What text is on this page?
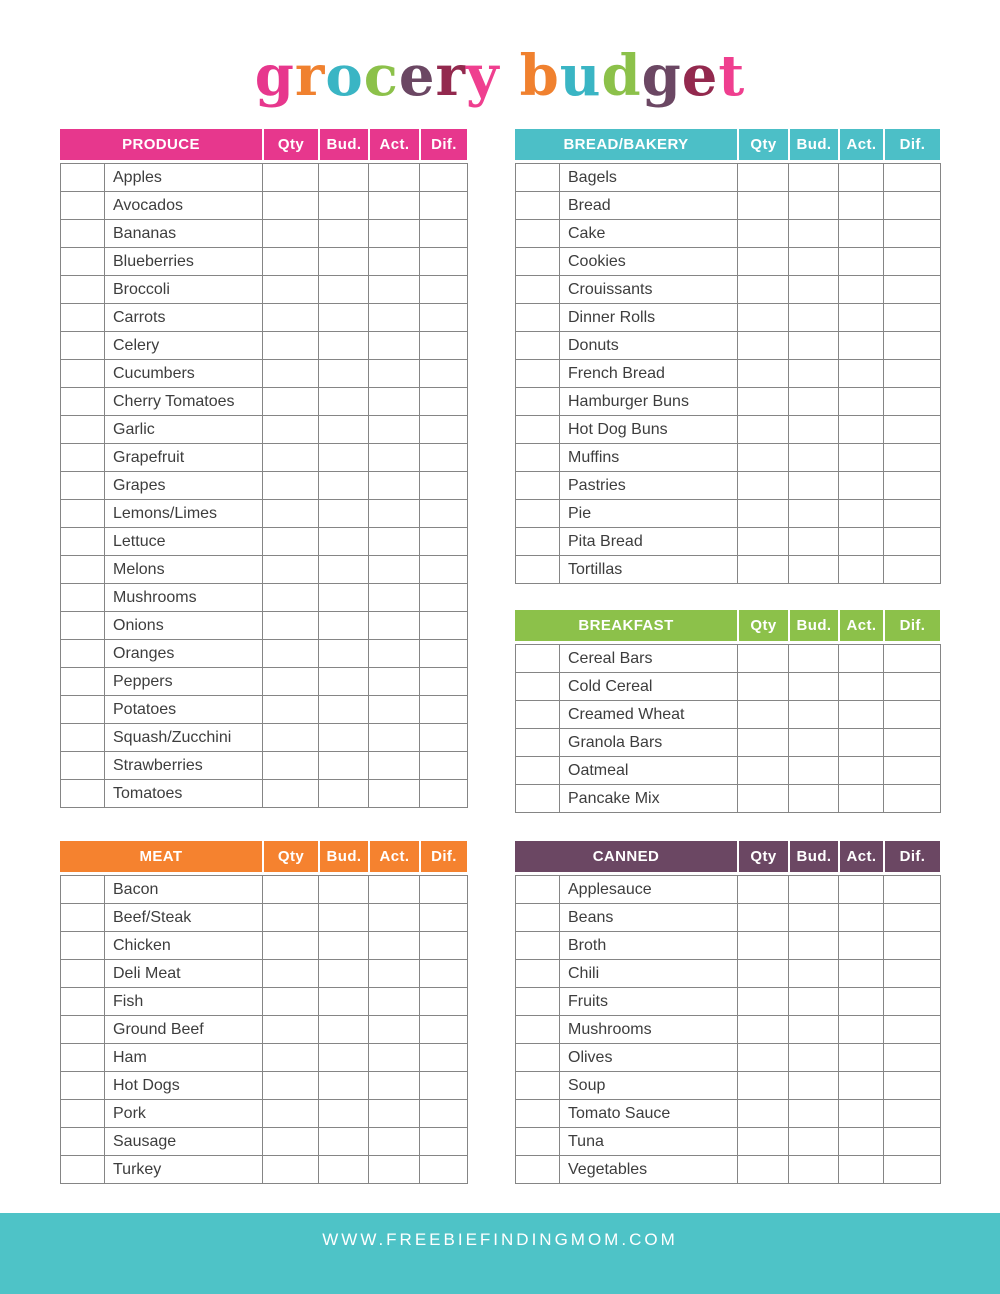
grocery budget
PRODUCE	Qty	Bud.	Act.	Dif.
	Apples				
	Avocados				
	Bananas				
	Blueberries				
	Broccoli				
	Carrots				
	Celery				
	Cucumbers				
	Cherry Tomatoes				
	Garlic				
	Grapefruit				
	Grapes				
	Lemons/Limes				
	Lettuce				
	Melons				
	Mushrooms				
	Onions				
	Oranges				
	Peppers				
	Potatoes				
	Squash/Zucchini				
	Strawberries				
	Tomatoes				
MEAT	Qty	Bud.	Act.	Dif.
	Bacon				
	Beef/Steak				
	Chicken				
	Deli Meat				
	Fish				
	Ground Beef				
	Ham				
	Hot Dogs				
	Pork				
	Sausage				
	Turkey				
BREAD/BAKERY	Qty	Bud.	Act.	Dif.
	Bagels				
	Bread				
	Cake				
	Cookies				
	Crouissants				
	Dinner Rolls				
	Donuts				
	French Bread				
	Hamburger Buns				
	Hot Dog Buns				
	Muffins				
	Pastries				
	Pie				
	Pita Bread				
	Tortillas				
BREAKFAST	Qty	Bud.	Act.	Dif.
	Cereal Bars				
	Cold Cereal				
	Creamed Wheat				
	Granola Bars				
	Oatmeal				
	Pancake Mix				
CANNED	Qty	Bud.	Act.	Dif.
	Applesauce				
	Beans				
	Broth				
	Chili				
	Fruits				
	Mushrooms				
	Olives				
	Soup				
	Tomato Sauce				
	Tuna				
	Vegetables				
WWW.FREEBIEFINDINGMOM.COM
